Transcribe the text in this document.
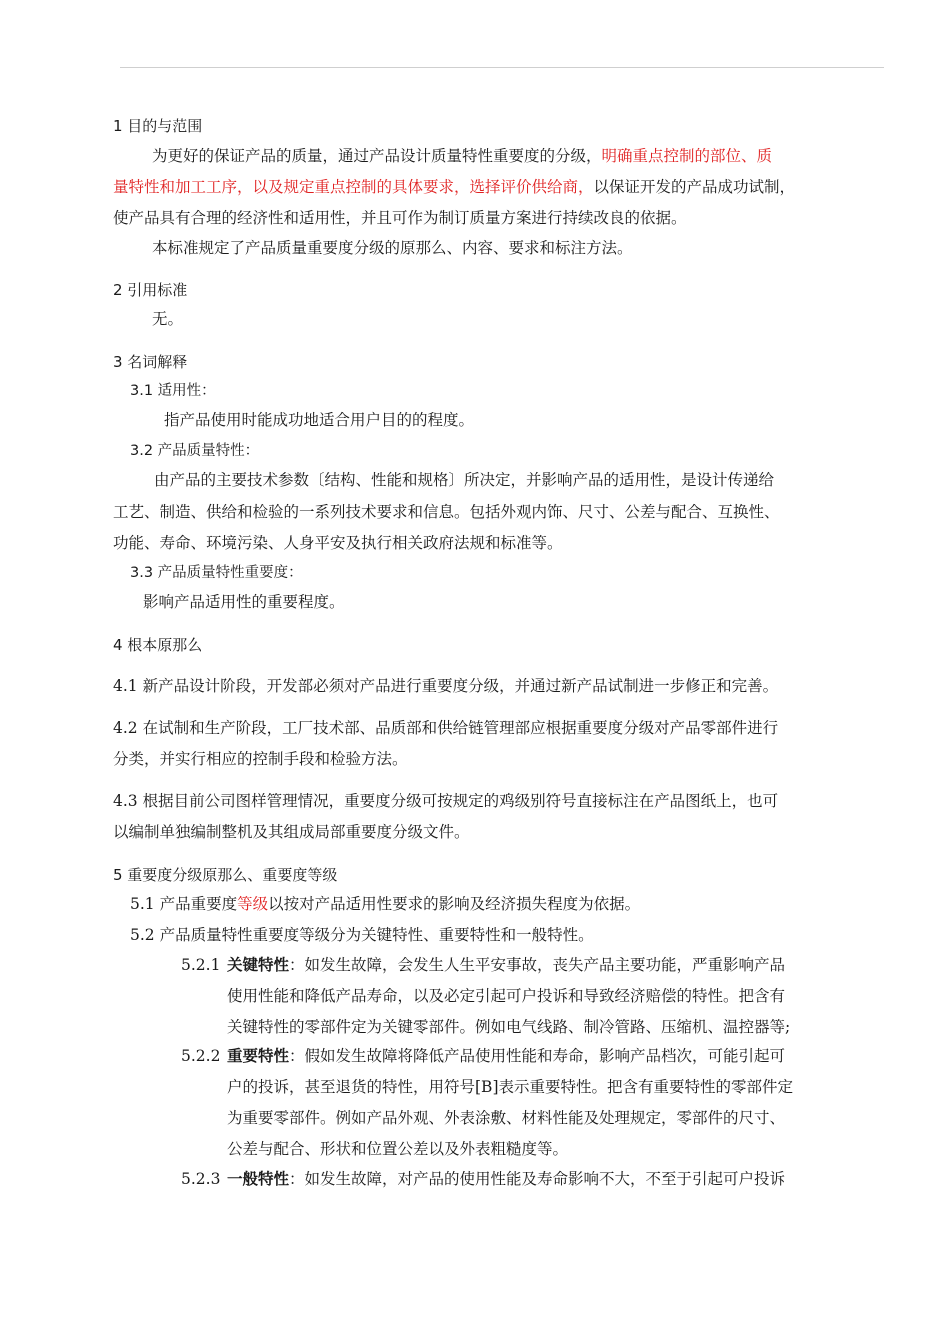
1 目的与范围
为更好的保证产品的质量，通过产品设计质量特性重要度的分级，明确重点控制的部位、质
量特性和加工工序，以及规定重点控制的具体要求，选择评价供给商，以保证开发的产品成功试制，
使产品具有合理的经济性和适用性，并且可作为制订质量方案进行持续改良的依据。
本标准规定了产品质量重要度分级的原那么、内容、要求和标注方法。
2 引用标准
无。
3 名词解释
3.1 适用性：
指产品使用时能成功地适合用户目的的程度。
3.2 产品质量特性：
由产品的主要技术参数〔结构、性能和规格〕所决定，并影响产品的适用性，是设计传递给
工艺、制造、供给和检验的一系列技术要求和信息。包括外观内饰、尺寸、公差与配合、互换性、
功能、寿命、环境污染、人身平安及执行相关政府法规和标准等。
3.3 产品质量特性重要度：
影响产品适用性的重要程度。
4 根本原那么
4.1 新产品设计阶段，开发部必须对产品进行重要度分级，并通过新产品试制进一步修正和完善。
4.2 在试制和生产阶段，工厂技术部、品质部和供给链管理部应根据重要度分级对产品零部件进行
分类，并实行相应的控制手段和检验方法。
4.3 根据目前公司图样管理情况，重要度分级可按规定的鸡级别符号直接标注在产品图纸上，也可
以编制单独编制整机及其组成局部重要度分级文件。
5 重要度分级原那么、重要度等级
5.1 产品重要度等级以按对产品适用性要求的影响及经济损失程度为依据。
5.2 产品质量特性重要度等级分为关键特性、重要特性和一般特性。
5.2.1 关键特性：如发生故障，会发生人生平安事故，丧失产品主要功能，严重影响产品
使用性能和降低产品寿命，以及必定引起可户投诉和导致经济赔偿的特性。把含有
关键特性的零部件定为关键零部件。例如电气线路、制冷管路、压缩机、温控器等;
5.2.2 重要特性：假如发生故障将降低产品使用性能和寿命，影响产品档次，可能引起可
户的投诉，甚至退货的特性，用符号[B]表示重要特性。把含有重要特性的零部件定
为重要零部件。例如产品外观、外表涂敷、材料性能及处理规定，零部件的尺寸、
公差与配合、形状和位置公差以及外表粗糙度等。
5.2.3 一般特性：如发生故障，对产品的使用性能及寿命影响不大，不至于引起可户投诉
